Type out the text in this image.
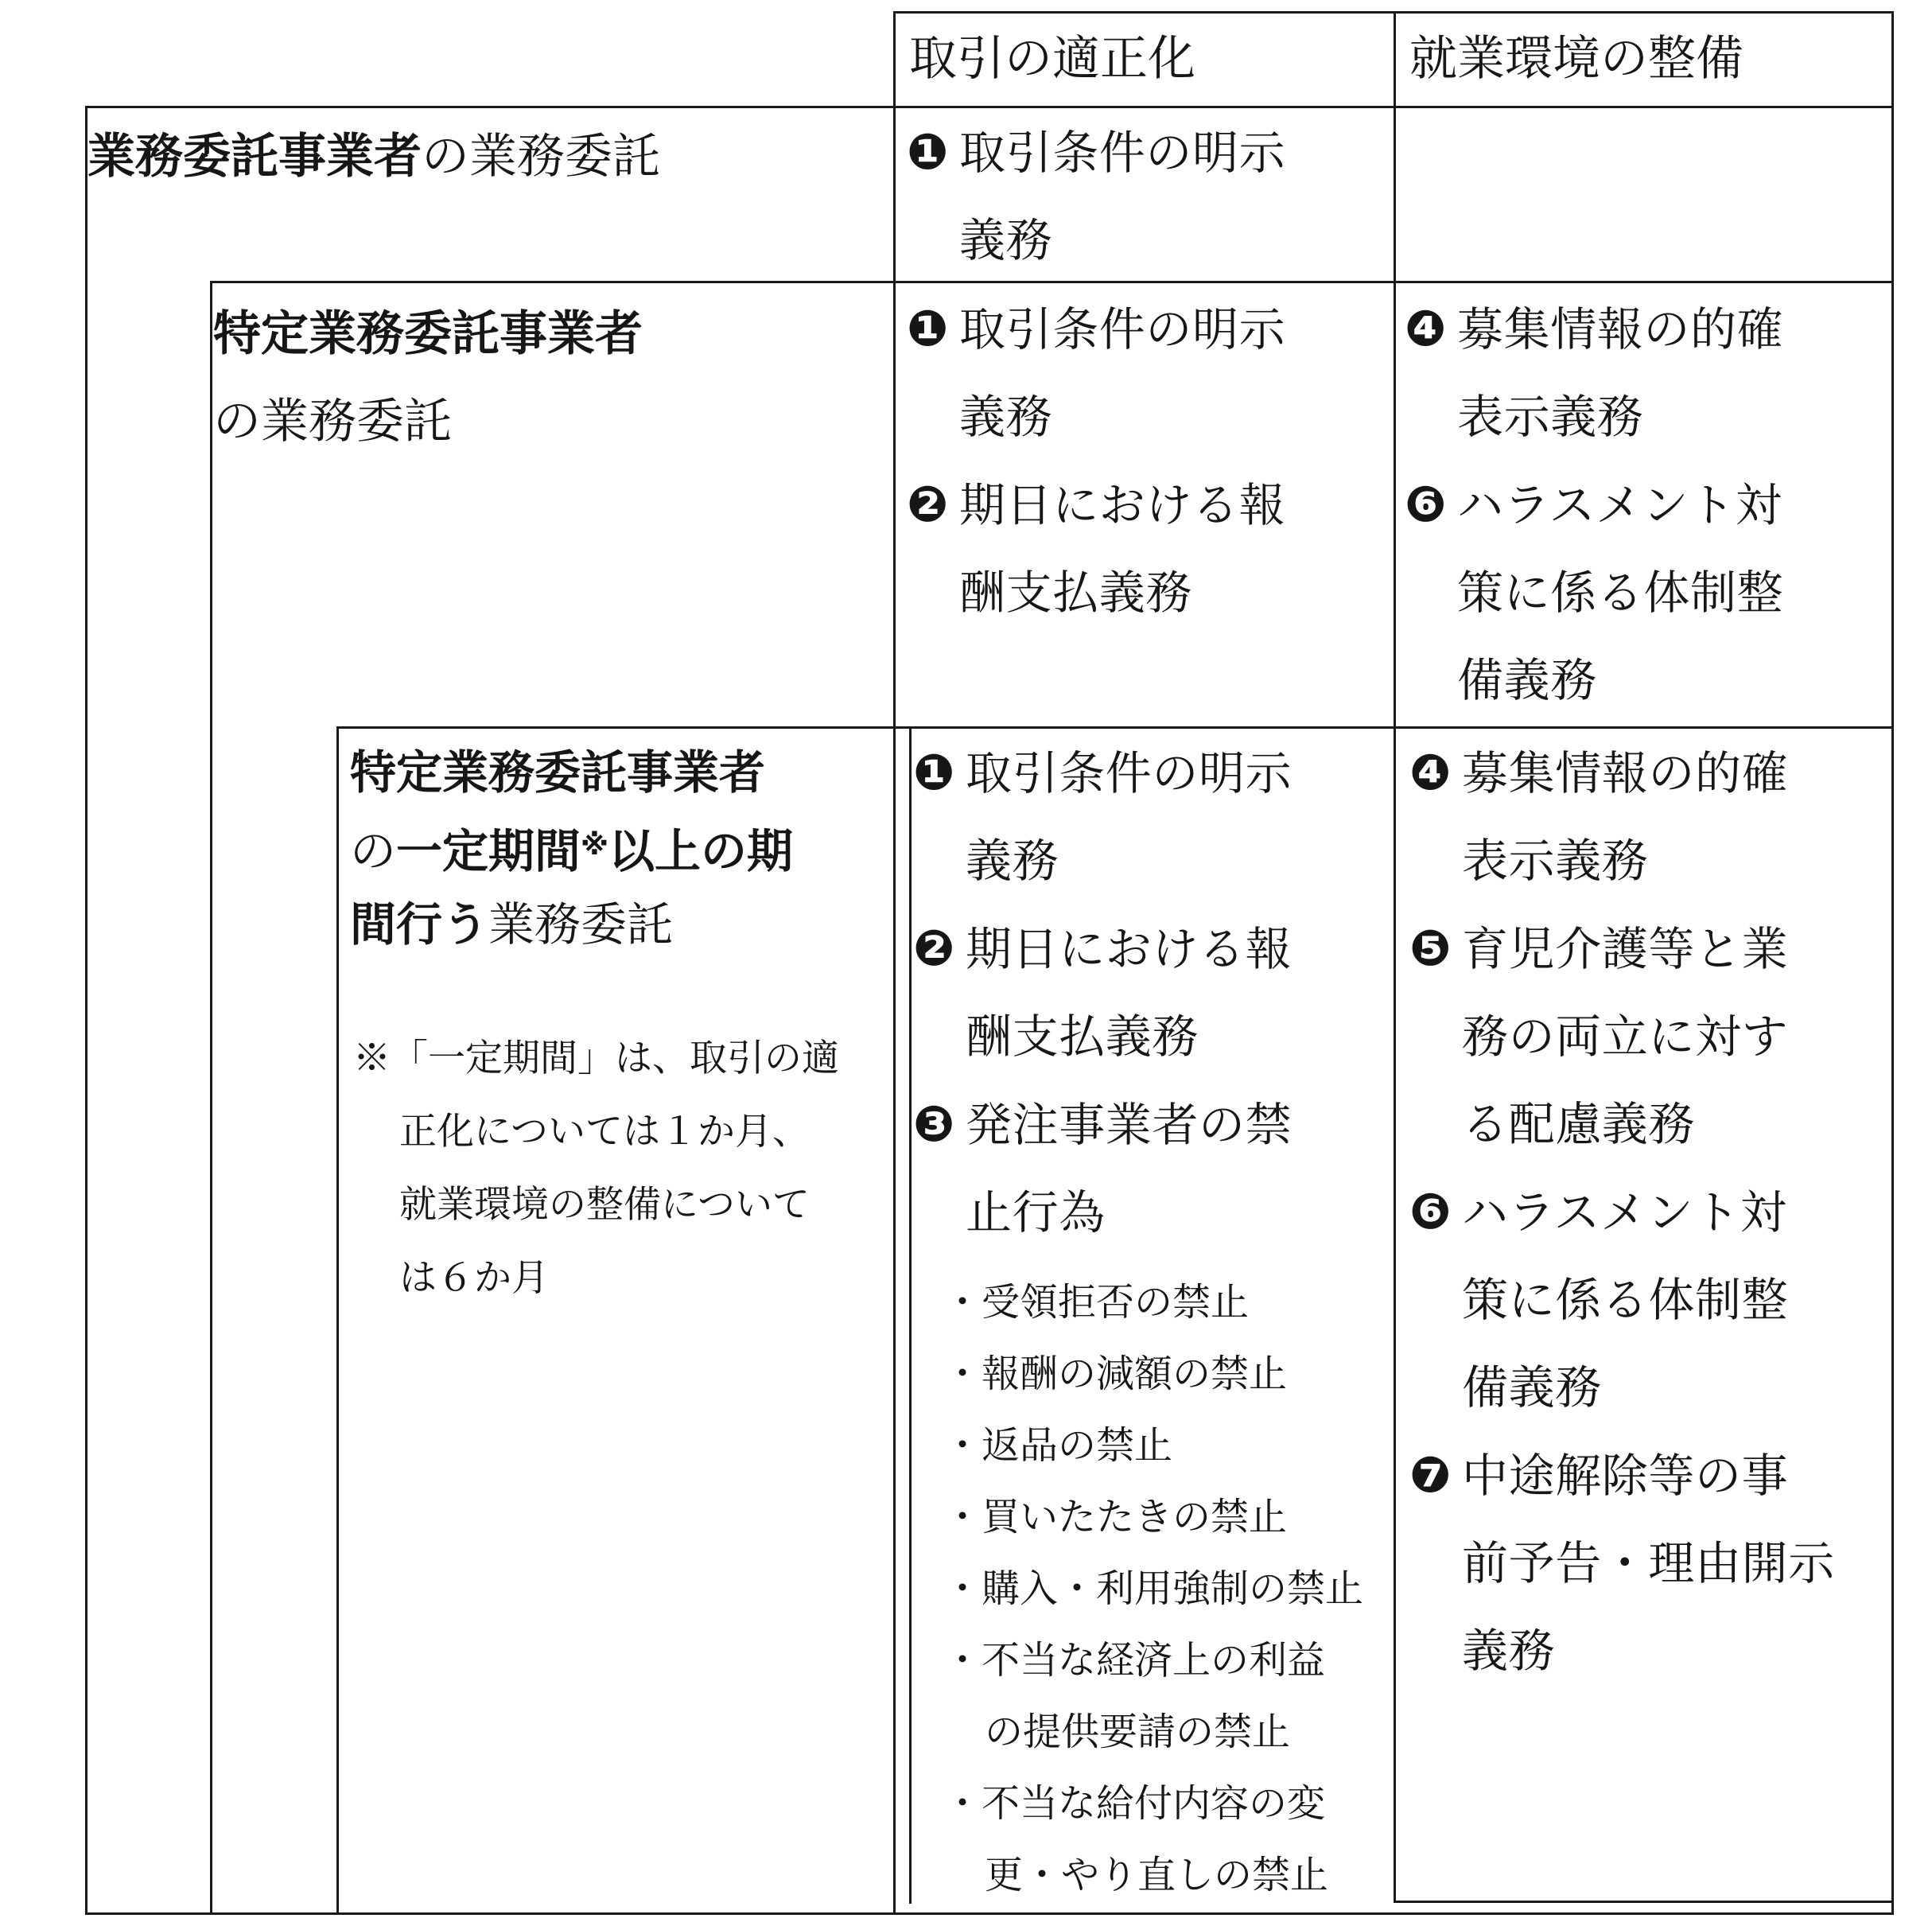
取引の適正化	就業環境の整備
業務委託事業者の業務委託	❶ 取引条件の明示
義務
特定業務委託事業者
の業務委託
❶ 取引条件の明示
義務
❷ 期日における報
酬支払義務
❹ 募集情報の的確
表示義務
❻ ハラスメント対
策に係る体制整
備義務
特定業務委託事業者
の一定期間※以上の期
間行う業務委託
※「一定期間」は、取引の適
正化については１か月、
就業環境の整備について
は６か月
❶ 取引条件の明示
義務
❷ 期日における報
酬支払義務
❸ 発注事業者の禁
止行為
・受領拒否の禁止
・報酬の減額の禁止
・返品の禁止
・買いたたきの禁止
・購入・利用強制の禁止
・不当な経済上の利益
の提供要請の禁止
・不当な給付内容の変
更・やり直しの禁止
❹ 募集情報の的確
表示義務
❺ 育児介護等と業
務の両立に対す
る配慮義務
❻ ハラスメント対
策に係る体制整
備義務
❼ 中途解除等の事
前予告・理由開示
義務
